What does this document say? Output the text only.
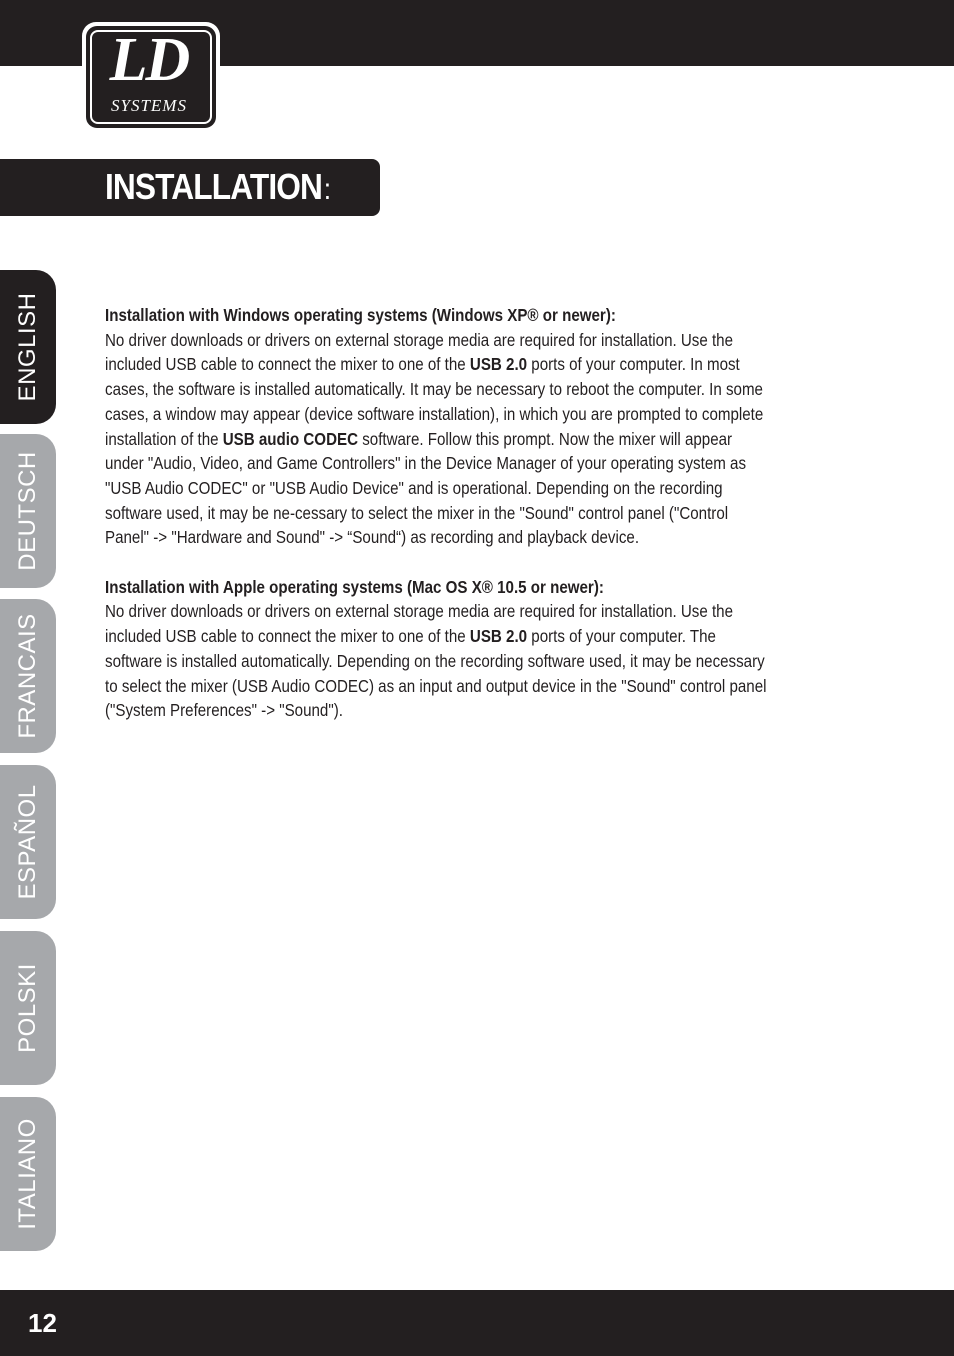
LD
SYSTEMS
INSTALLATION:
ENGLISH
DEUTSCH
FRANCAIS
ESPAÑOL
POLSKI
ITALIANO

Installation with Windows operating systems (Windows XP® or newer):
No driver downloads or drivers on external storage media are required for installation. Use the included USB cable to connect the mixer to one of the USB 2.0 ports of your computer. In most cases, the software is installed automatically. It may be necessary to reboot the computer. In some cases, a window may appear (device software installation), in which you are prompted to complete installation of the USB audio CODEC software. Follow this prompt. Now the mixer will appear under "Audio, Video, and Game Controllers" in the Device Manager of your operating system as "USB Audio CODEC" or "USB Audio Device" and is operational. Depending on the recording software used, it may be ne-cessary to select the mixer in the "Sound" control panel ("Control Panel" -> "Hardware and Sound" -> “Sound“) as recording and playback device.

Installation with Apple operating systems (Mac OS X® 10.5 or newer):
No driver downloads or drivers on external storage media are required for installation. Use the included USB cable to connect the mixer to one of the USB 2.0 ports of your computer. The software is installed automatically. Depending on the recording software used, it may be necessary to select the mixer (USB Audio CODEC) as an input and output device in the "Sound" control panel ("System Preferences" -> "Sound").

12
